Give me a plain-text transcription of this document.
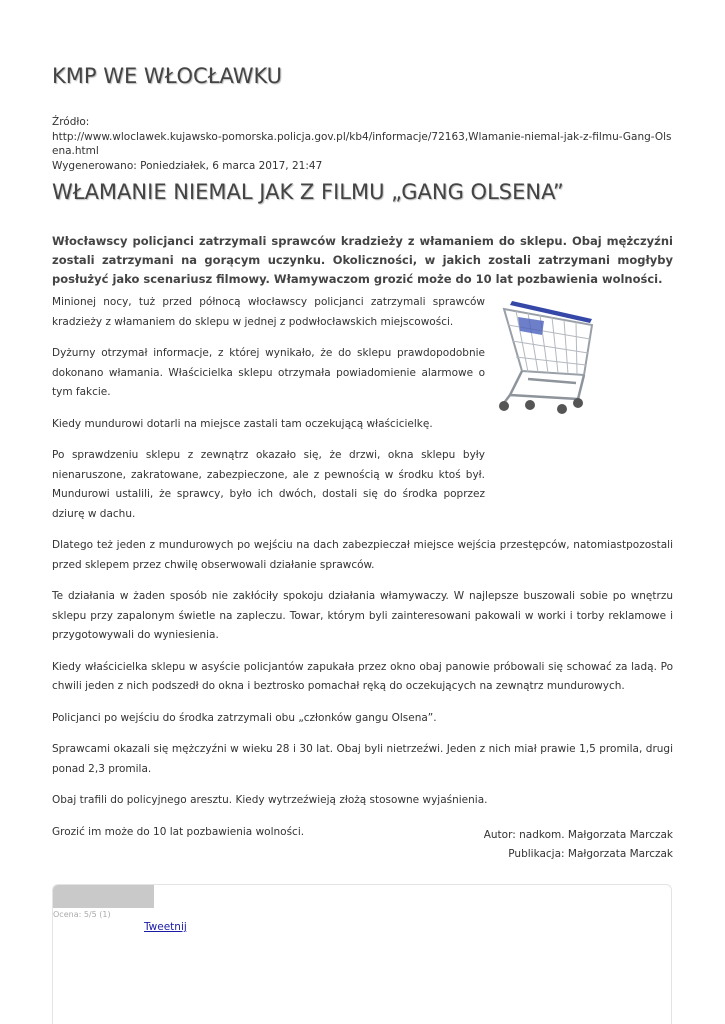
KMP WE WŁOCŁAWKU
Źródło:
http://www.wloclawek.kujawsko-pomorska.policja.gov.pl/kb4/informacje/72163,Wlamanie-niemal-jak-z-filmu-Gang-Olsena.html
Wygenerowano: Poniedziałek, 6 marca 2017, 21:47
WŁAMANIE NIEMAL JAK Z FILMU „GANG OLSENA”

Włocławscy policjanci zatrzymali sprawców kradzieży z włamaniem do sklepu. Obaj mężczyźni zostali zatrzymani na gorącym uczynku. Okoliczności, w jakich zostali zatrzymani mogłyby posłużyć jako scenariusz filmowy. Włamywaczom grozić może do 10 lat pozbawienia wolności.

Minionej nocy, tuż przed północą włocławscy policjanci zatrzymali sprawców kradzieży z włamaniem do sklepu w jednej z podwłocławskich miejscowości.

Dyżurny otrzymał informacje, z której wynikało, że do sklepu prawdopodobnie dokonano włamania. Właścicielka sklepu otrzymała powiadomienie alarmowe o tym fakcie.

Kiedy mundurowi dotarli na miejsce zastali tam oczekującą właścicielkę.

Po sprawdzeniu sklepu z zewnątrz okazało się, że drzwi, okna sklepu były nienaruszone, zakratowane, zabezpieczone, ale z pewnością w środku ktoś był. Mundurowi ustalili, że sprawcy, było ich dwóch, dostali się do środka poprzez dziurę w dachu.

Dlatego też jeden z mundurowych po wejściu na dach zabezpieczał miejsce wejścia przestępców, natomiastpozostali przed sklepem przez chwilę obserwowali działanie sprawców.

Te działania w żaden sposób nie zakłóciły spokoju działania włamywaczy. W najlepsze buszowali sobie po wnętrzu sklepu przy zapalonym świetle na zapleczu. Towar, którym byli zainteresowani pakowali w worki i torby reklamowe i przygotowywali do wyniesienia.

Kiedy właścicielka sklepu w asyście policjantów zapukała przez okno obaj panowie próbowali się schować za ladą. Po chwili jeden z nich podszedł do okna i beztrosko pomachał ręką do oczekujących na zewnątrz mundurowych.

Policjanci po wejściu do środka zatrzymali obu „członków gangu Olsena”.

Sprawcami okazali się mężczyźni w wieku 28 i 30 lat. Obaj byli nietrzeźwi. Jeden z nich miał prawie 1,5 promila, drugi ponad 2,3 promila.

Obaj trafili do policyjnego aresztu. Kiedy wytrzeźwieją złożą stosowne wyjaśnienia.

Grozić im może do 10 lat pozbawienia wolności.	Autor: nadkom. Małgorzata Marczak
Publikacja: Małgorzata Marczak
Ocena: 5/5 (1)
Tweetnij
